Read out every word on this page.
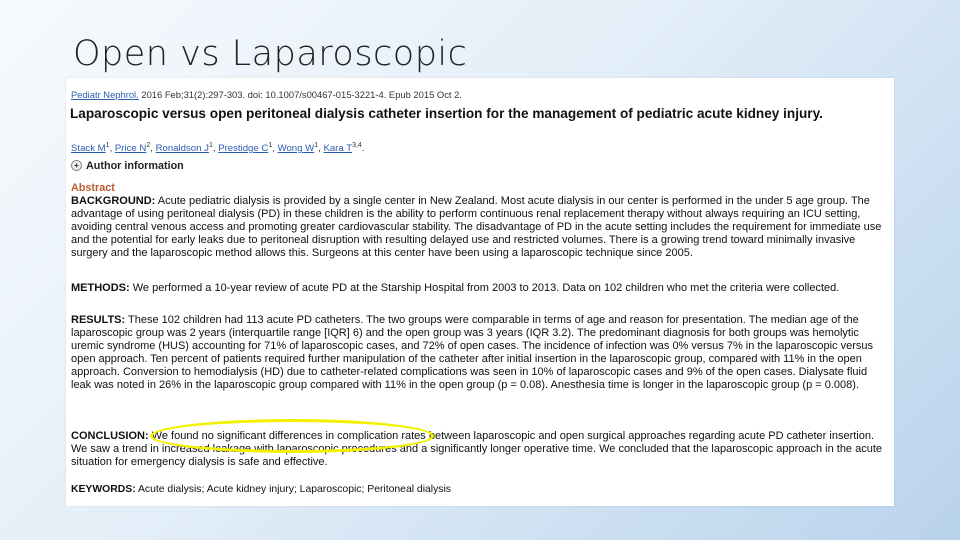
Open vs Laparoscopic
Pediatr Nephrol. 2016 Feb;31(2):297-303. doi: 10.1007/s00467-015-3221-4. Epub 2015 Oct 2.
Laparoscopic versus open peritoneal dialysis catheter insertion for the management of pediatric acute kidney injury.
Stack $M^1$, Price $N^2$, Ronaldson $J^1$, Prestidge $C^1$, Wong $W^1$, Kara T$^{3,4}$.
+ Author information
Abstract
BACKGROUND: Acute pediatric dialysis is provided by a single center in New Zealand. Most acute dialysis in our center is performed in the under 5 age group. The advantage of using peritoneal dialysis (PD) in these children is the ability to perform continuous renal replacement therapy without always requiring an ICU setting, avoiding central venous access and promoting greater cardiovascular stability. The disadvantage of PD in the acute setting includes the requirement for immediate use and the potential for early leaks due to peritoneal disruption with resulting delayed use and restricted volumes. There is a growing trend toward minimally invasive surgery and the laparoscopic method allows this. Surgeons at this center have been using a laparoscopic technique since 2005.
METHODS: We performed a 10-year review of acute PD at the Starship Hospital from 2003 to 2013. Data on 102 children who met the criteria were collected.
RESULTS: These 102 children had 113 acute PD catheters. The two groups were comparable in terms of age and reason for presentation. The median age of the laparoscopic group was 2 years (interquartile range [IQR] 6) and the open group was 3 years (IQR 3.2). The predominant diagnosis for both groups was hemolytic uremic syndrome (HUS) accounting for 71% of laparoscopic cases, and 72% of open cases. The incidence of infection was 0% versus 7% in the laparoscopic versus open approach. Ten percent of patients required further manipulation of the catheter after initial insertion in the laparoscopic group, compared with 11% in the open approach. Conversion to hemodialysis (HD) due to catheter-related complications was seen in 10% of laparoscopic cases and 9% of the open cases. Dialysate fluid leak was noted in 26% in the laparoscopic group compared with 11% in the open group (p = 0.08). Anesthesia time is longer in the laparoscopic group (p = 0.008).
CONCLUSION: We found no significant differences in complication rates between laparoscopic and open surgical approaches regarding acute PD catheter insertion. We saw a trend in increased leakage with laparoscopic procedures and a significantly longer operative time. We concluded that the laparoscopic approach in the acute situation for emergency dialysis is safe and effective.
KEYWORDS: Acute dialysis; Acute kidney injury; Laparoscopic; Peritoneal dialysis
